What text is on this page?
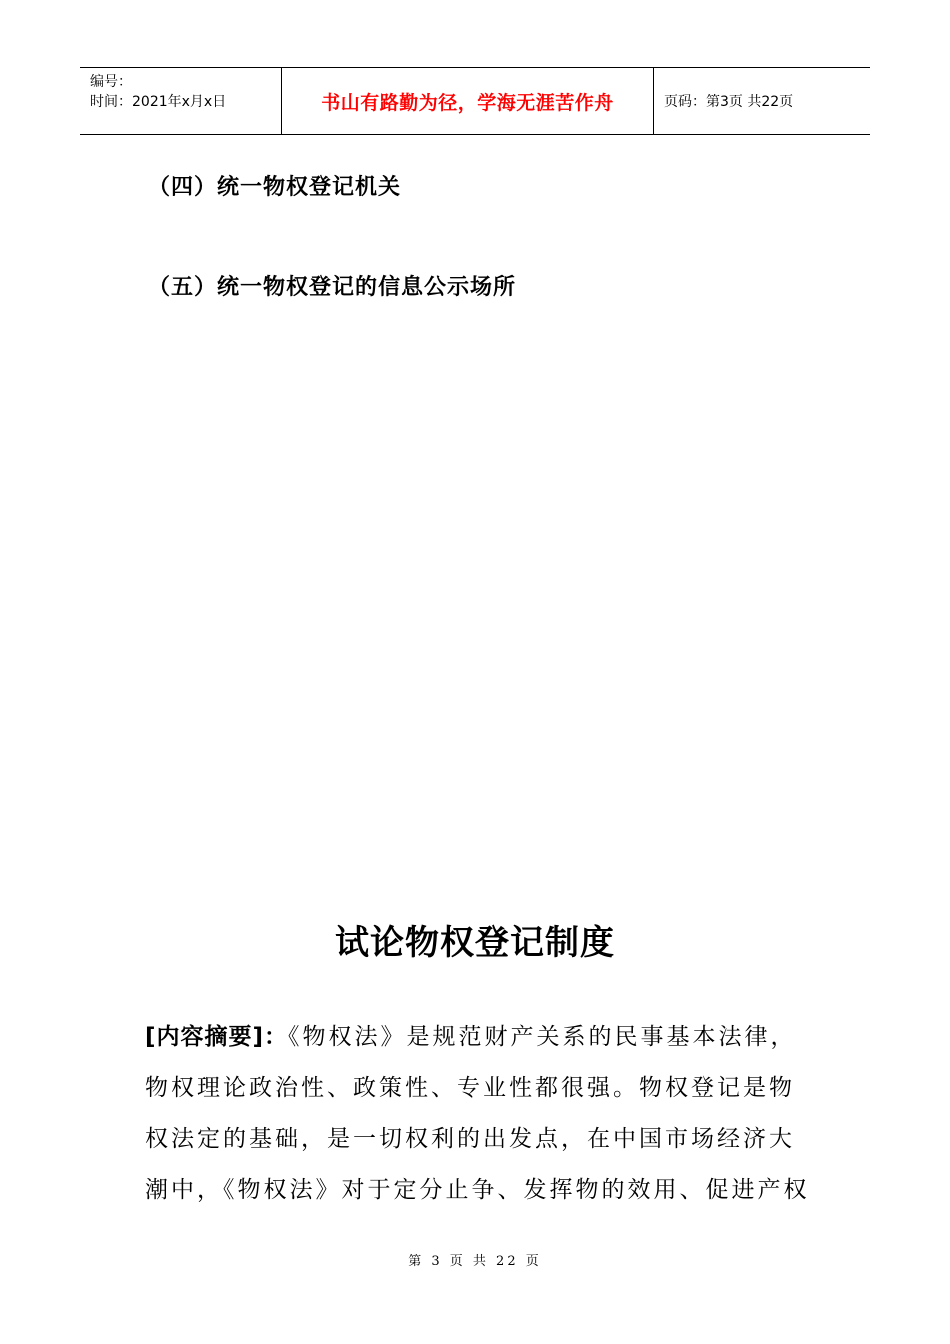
编号：
时间：2021年x月x日	书山有路勤为径，学海无涯苦作舟	页码：第3页 共22页
（四）统一物权登记机关
（五）统一物权登记的信息公示场所
试论物权登记制度

[内容摘要]：《物权法》是规范财产关系的民事基本法律，

物权理论政治性、政策性、专业性都很强。物权登记是物

权法定的基础，是一切权利的出发点，在中国市场经济大

潮中，《物权法》对于定分止争、发挥物的效用、促进产权

第 3 页 共 22 页
